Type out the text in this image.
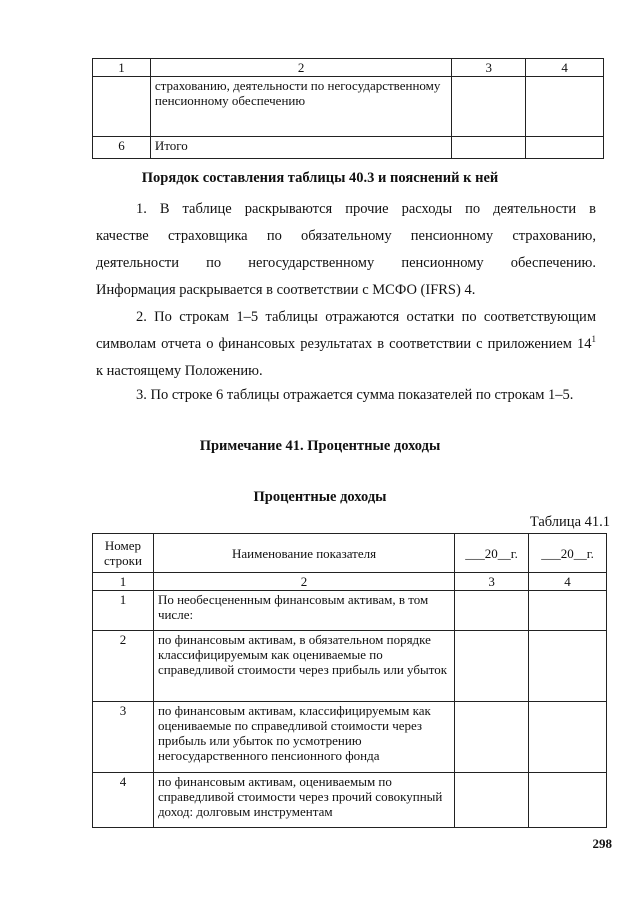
1	2	3	4
	страхованию, деятельности по негосударственному пенсионному обеспечению		
6	Итого		
Порядок составления таблицы 40.3 и пояснений к ней
1. В таблице раскрываются прочие расходы по деятельности в
качестве страховщика по обязательному пенсионному страхованию,
деятельности по негосударственному пенсионному обеспечению.
Информация раскрывается в соответствии с МСФО (IFRS) 4.
2. По строкам 1–5 таблицы отражаются остатки по соответствующим
символам отчета о финансовых результатах в соответствии с приложением $14^1$
к настоящему Положению.
3. По строке 6 таблицы отражается сумма показателей по строкам 1–5.
Примечание 41. Процентные доходы
Процентные доходы
Таблица 41.1
Номер строки	Наименование показателя	___20__г.	___20__г.
1	2	3	4
1	По необесцененным финансовым активам, в том числе:		
2	по финансовым активам, в обязательном порядке классифицируемым как оцениваемые по справедливой стоимости через прибыль или убыток		
3	по финансовым активам, классифицируемым как оцениваемые по справедливой стоимости через прибыль или убыток по усмотрению негосударственного пенсионного фонда		
4	по финансовым активам, оцениваемым по справедливой стоимости через прочий совокупный доход: долговым инструментам		
298
